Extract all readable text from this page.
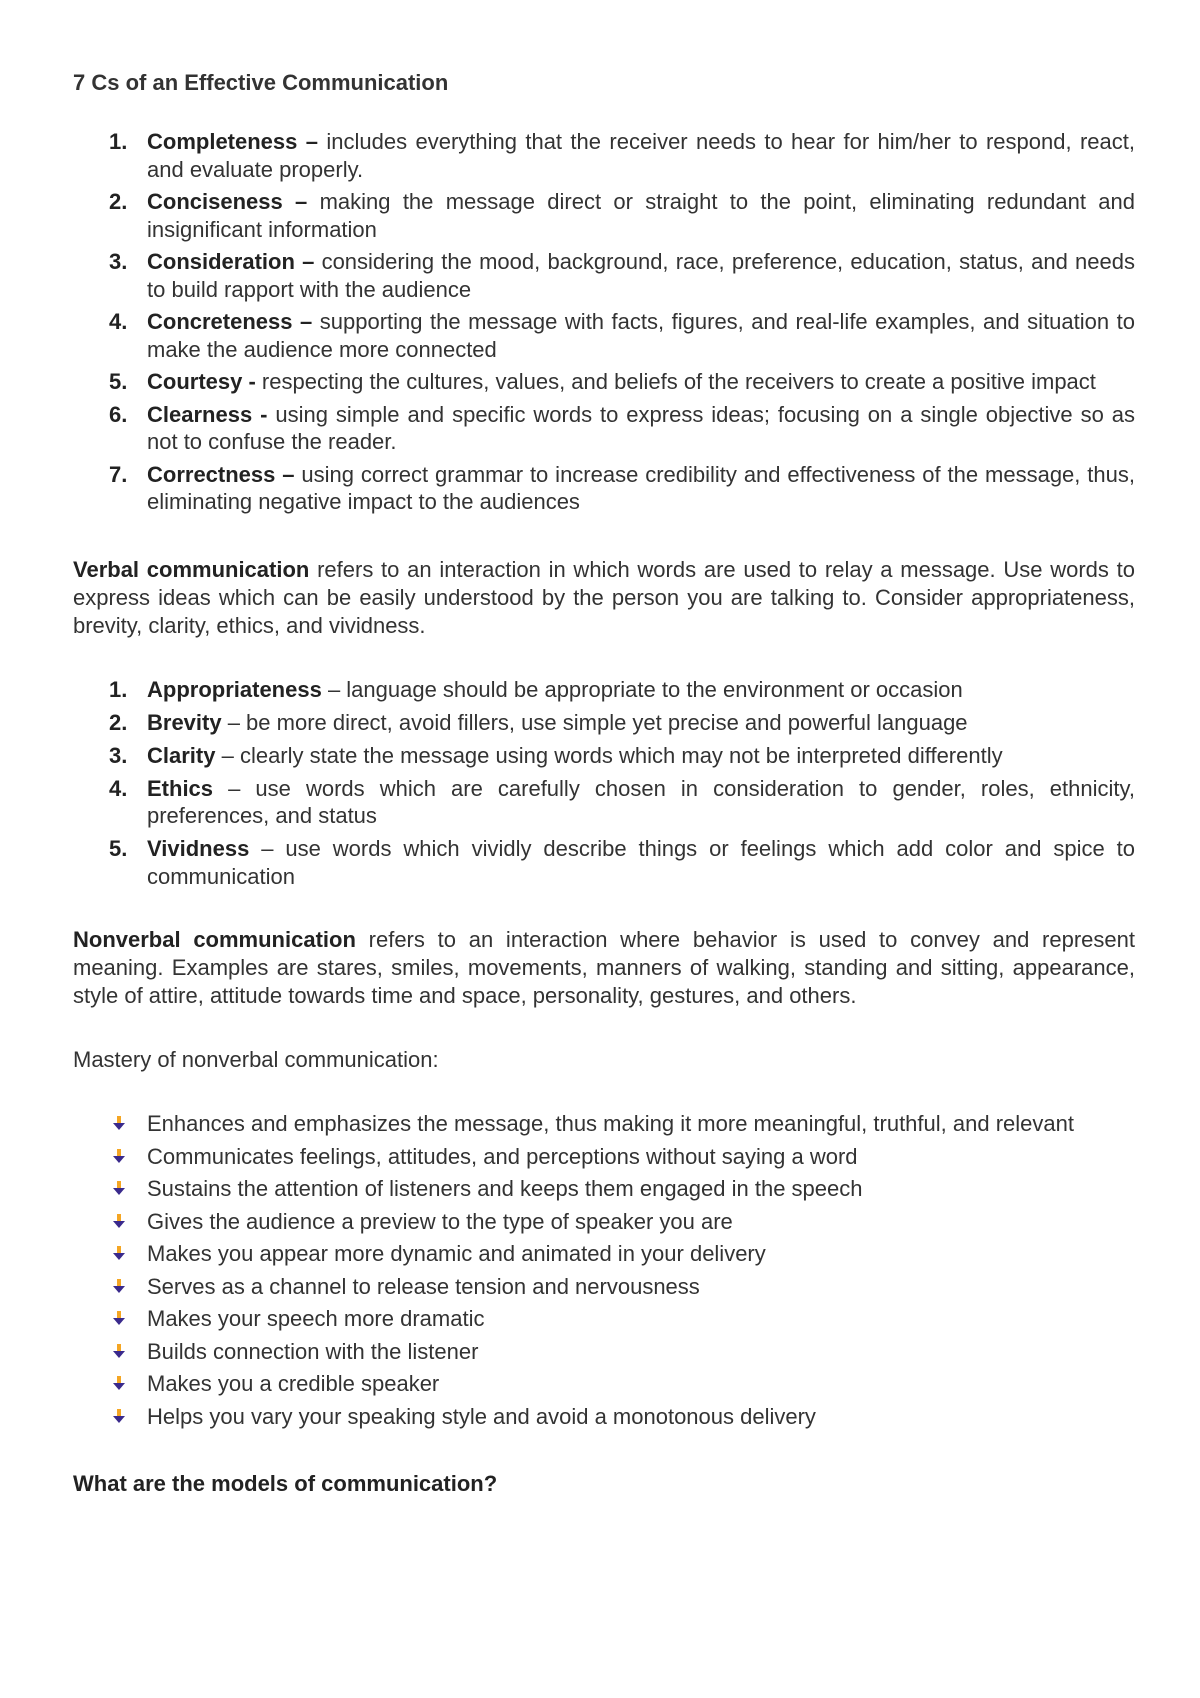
7 Cs of an Effective Communication
1. Completeness – includes everything that the receiver needs to hear for him/her to respond, react, and evaluate properly.
2. Conciseness – making the message direct or straight to the point, eliminating redundant and insignificant information
3. Consideration – considering the mood, background, race, preference, education, status, and needs to build rapport with the audience
4. Concreteness – supporting the message with facts, figures, and real-life examples, and situation to make the audience more connected
5. Courtesy - respecting the cultures, values, and beliefs of the receivers to create a positive impact
6. Clearness - using simple and specific words to express ideas; focusing on a single objective so as not to confuse the reader.
7. Correctness – using correct grammar to increase credibility and effectiveness of the message, thus, eliminating negative impact to the audiences

Verbal communication refers to an interaction in which words are used to relay a message. Use words to express ideas which can be easily understood by the person you are talking to. Consider appropriateness, brevity, clarity, ethics, and vividness.

1. Appropriateness – language should be appropriate to the environment or occasion
2. Brevity – be more direct, avoid fillers, use simple yet precise and powerful language
3. Clarity – clearly state the message using words which may not be interpreted differently
4. Ethics – use words which are carefully chosen in consideration to gender, roles, ethnicity, preferences, and status
5. Vividness – use words which vividly describe things or feelings which add color and spice to communication

Nonverbal communication refers to an interaction where behavior is used to convey and represent meaning. Examples are stares, smiles, movements, manners of walking, standing and sitting, appearance, style of attire, attitude towards time and space, personality, gestures, and others.

Mastery of nonverbal communication:

Enhances and emphasizes the message, thus making it more meaningful, truthful, and relevant
Communicates feelings, attitudes, and perceptions without saying a word
Sustains the attention of listeners and keeps them engaged in the speech
Gives the audience a preview to the type of speaker you are
Makes you appear more dynamic and animated in your delivery
Serves as a channel to release tension and nervousness
Makes your speech more dramatic
Builds connection with the listener
Makes you a credible speaker
Helps you vary your speaking style and avoid a monotonous delivery
What are the models of communication?
